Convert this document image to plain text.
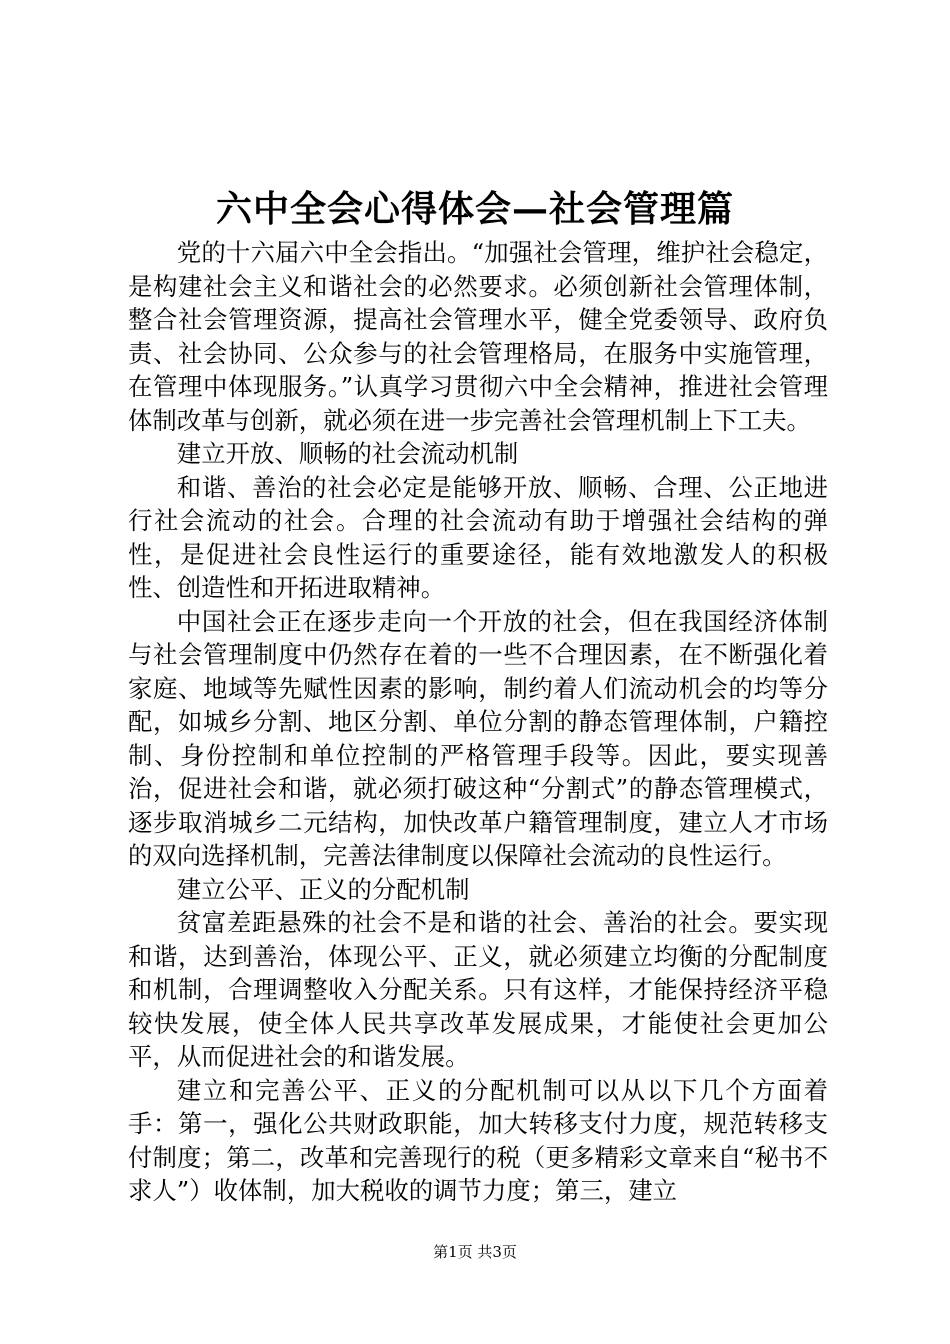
六中全会心得体会—社会管理篇

党的十六届六中全会指出。“加强社会管理，维护社会稳定，是构建社会主义和谐社会的必然要求。必须创新社会管理体制，整合社会管理资源，提高社会管理水平，健全党委领导、政府负责、社会协同、公众参与的社会管理格局，在服务中实施管理，在管理中体现服务。”认真学习贯彻六中全会精神，推进社会管理体制改革与创新，就必须在进一步完善社会管理机制上下工夫。

建立开放、顺畅的社会流动机制

和谐、善治的社会必定是能够开放、顺畅、合理、公正地进行社会流动的社会。合理的社会流动有助于增强社会结构的弹性，是促进社会良性运行的重要途径，能有效地激发人的积极性、创造性和开拓进取精神。

中国社会正在逐步走向一个开放的社会，但在我国经济体制与社会管理制度中仍然存在着的一些不合理因素，在不断强化着家庭、地域等先赋性因素的影响，制约着人们流动机会的均等分配，如城乡分割、地区分割、单位分割的静态管理体制，户籍控制、身份控制和单位控制的严格管理手段等。因此，要实现善治，促进社会和谐，就必须打破这种“分割式”的静态管理模式，逐步取消城乡二元结构，加快改革户籍管理制度，建立人才市场的双向选择机制，完善法律制度以保障社会流动的良性运行。

建立公平、正义的分配机制

贫富差距悬殊的社会不是和谐的社会、善治的社会。要实现和谐，达到善治，体现公平、正义，就必须建立均衡的分配制度和机制，合理调整收入分配关系。只有这样，才能保持经济平稳较快发展，使全体人民共享改革发展成果，才能使社会更加公平，从而促进社会的和谐发展。

建立和完善公平、正义的分配机制可以从以下几个方面着手：第一，强化公共财政职能，加大转移支付力度，规范转移支付制度；第二，改革和完善现行的税（更多精彩文章来自“秘书不求人”）收体制，加大税收的调节力度；第三，建立

第1页 共3页
